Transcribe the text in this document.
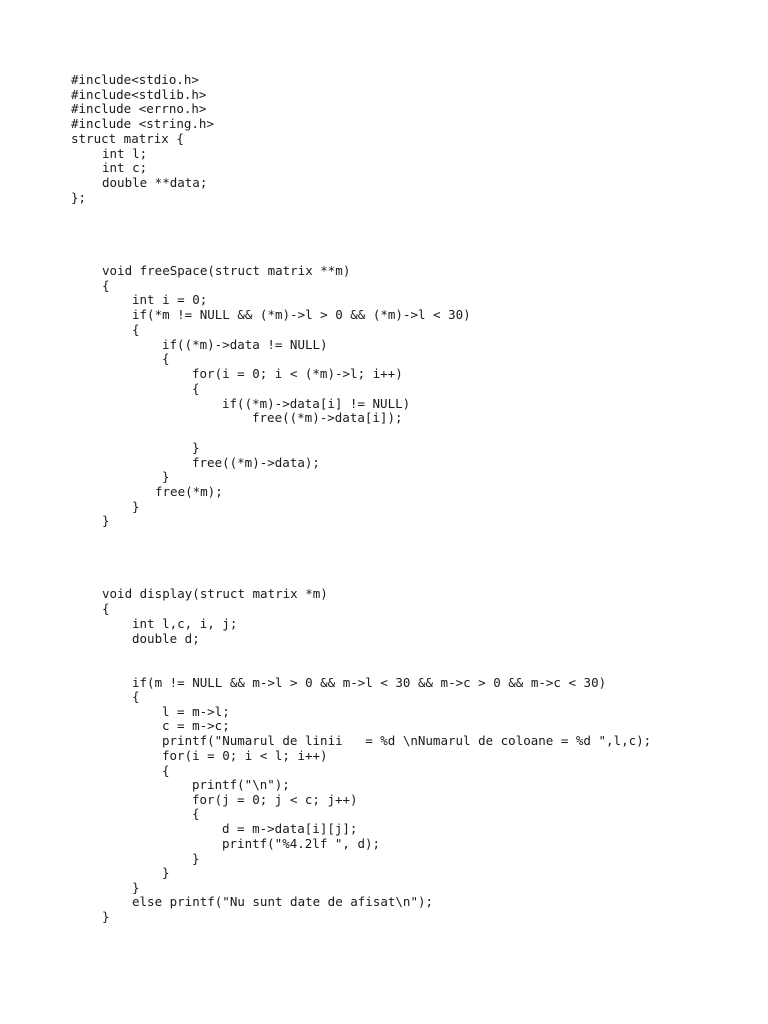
#include<stdio.h>

#include<stdlib.h>

#include <errno.h>

#include <string.h>

struct matrix {

int l;

int c;

double **data;

};

void freeSpace(struct matrix **m)

{

int i = 0;

if(*m != NULL && (*m)->l > 0 && (*m)->l < 30)

{

if((*m)->data != NULL)

{

for(i = 0; i < (*m)->l; i++)

{

if((*m)->data[i] != NULL)

free((*m)->data[i]);

}

free((*m)->data);

}

free(*m);

}

}

void display(struct matrix *m)

{

int l,c, i, j;

double d;

if(m != NULL && m->l > 0 && m->l < 30 && m->c > 0 && m->c < 30)

{

l = m->l;

c = m->c;

printf("Numarul de linii   = %d \nNumarul de coloane = %d ",l,c);

for(i = 0; i < l; i++)

{

printf("\n");

for(j = 0; j < c; j++)

{

d = m->data[i][j];

printf("%4.2lf ", d);

}

}

}

else printf("Nu sunt date de afisat\n");

}
